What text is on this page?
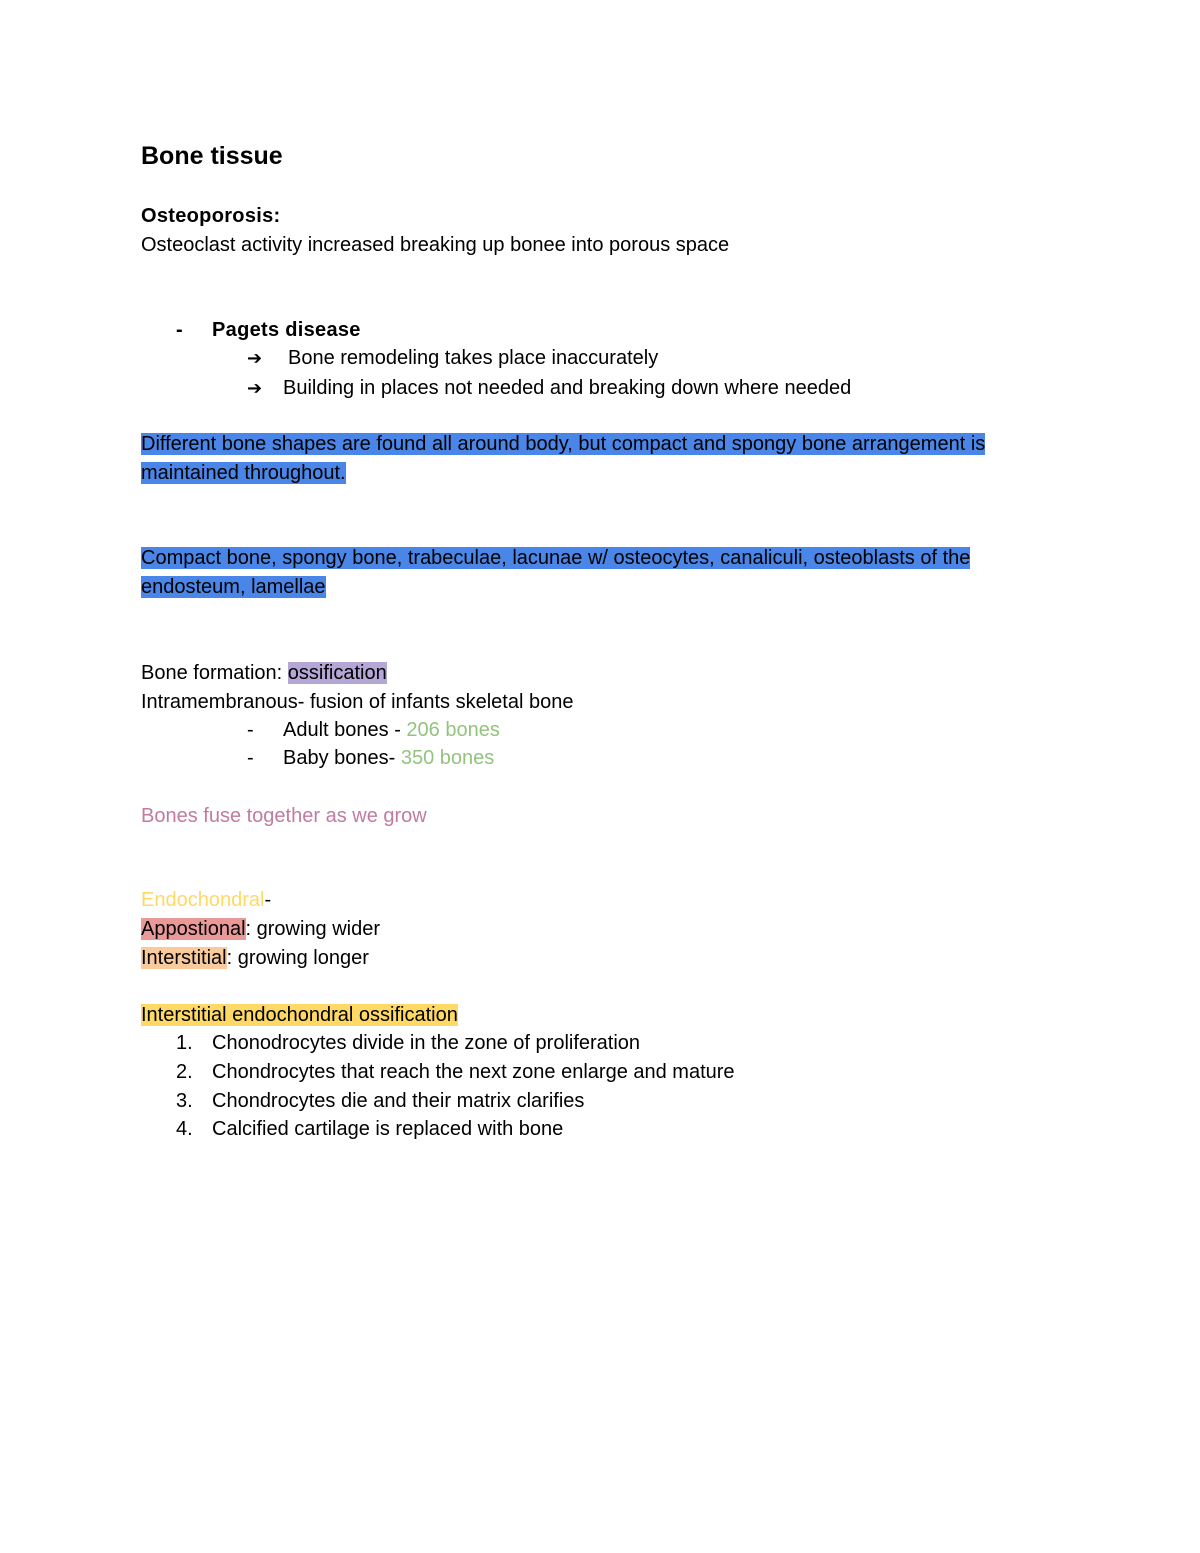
Bone tissue
Osteoporosis:
Osteoclast activity increased breaking up bonee into porous space
- Pagets disease
➔ Bone remodeling takes place inaccurately
➔ Building in places not needed and breaking down where needed
Different bone shapes are found all around body, but compact and spongy bone arrangement is
maintained throughout.
Compact bone, spongy bone, trabeculae, lacunae w/ osteocytes, canaliculi, osteoblasts of the
endosteum, lamellae
Bone formation: ossification
Intramembranous- fusion of infants skeletal bone
- Adult bones - 206 bones
- Baby bones- 350 bones
Bones fuse together as we grow
Endochondral-
Appostional: growing wider
Interstitial: growing longer
Interstitial endochondral ossification
1. Chonodrocytes divide in the zone of proliferation
2. Chondrocytes that reach the next zone enlarge and mature
3. Chondrocytes die and their matrix clarifies
4. Calcified cartilage is replaced with bone
